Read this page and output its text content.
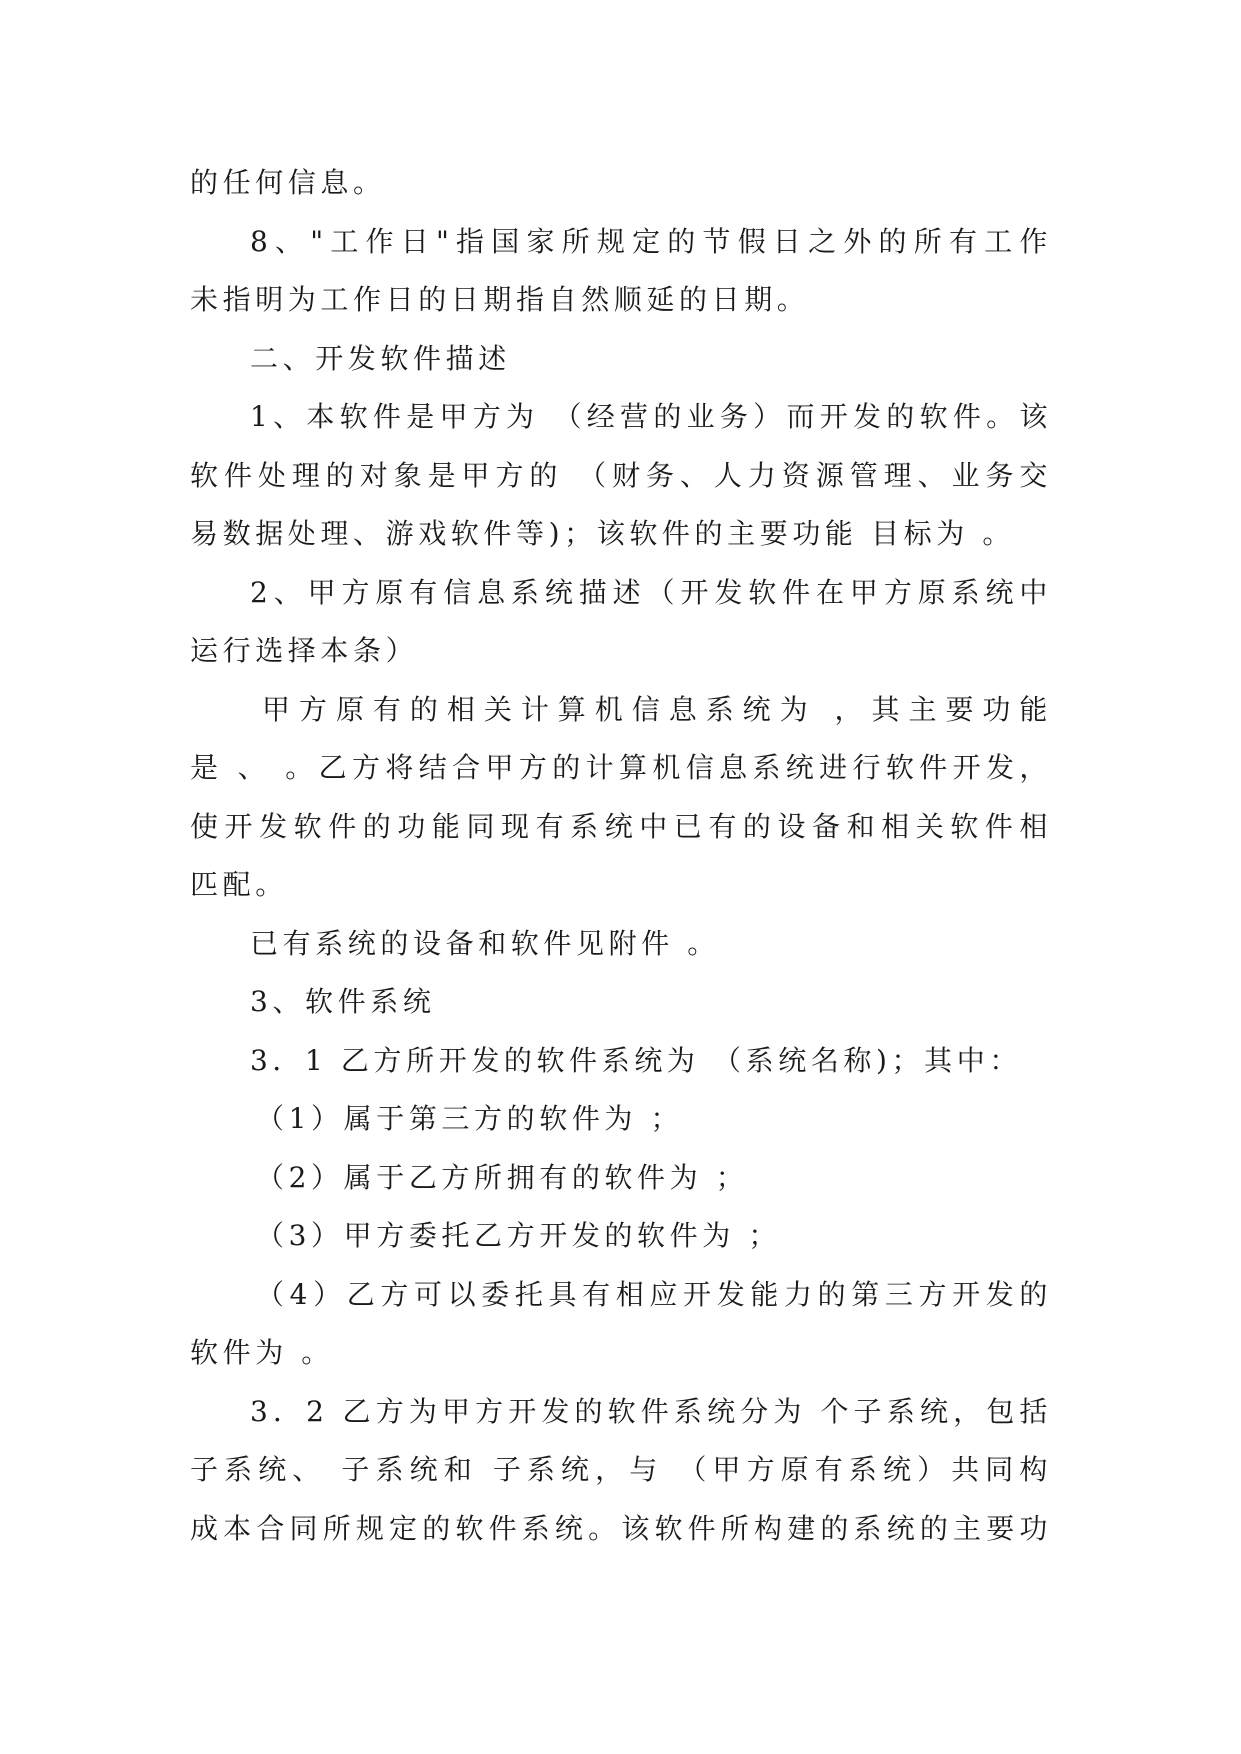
的任何信息。
8、"工作日"指国家所规定的节假日之外的所有工作
未指明为工作日的日期指自然顺延的日期。
二、开发软件描述
1、本软件是甲方为 （经营的业务）而开发的软件。该
软件处理的对象是甲方的 （财务、人力资源管理、业务交
易数据处理、游戏软件等)；该软件的主要功能 目标为 。
2、甲方原有信息系统描述（开发软件在甲方原系统中
运行选择本条）
甲方原有的相关计算机信息系统为 ，其主要功能
是 、 。乙方将结合甲方的计算机信息系统进行软件开发，
使开发软件的功能同现有系统中已有的设备和相关软件相
匹配。
已有系统的设备和软件见附件 。
3、软件系统
3．1 乙方所开发的软件系统为 （系统名称)；其中：
（1）属于第三方的软件为 ；
（2）属于乙方所拥有的软件为 ；
（3）甲方委托乙方开发的软件为 ；
（4）乙方可以委托具有相应开发能力的第三方开发的
软件为 。
3．2 乙方为甲方开发的软件系统分为 个子系统，包括
子系统、 子系统和 子系统，与 （甲方原有系统）共同构
成本合同所规定的软件系统。该软件所构建的系统的主要功
